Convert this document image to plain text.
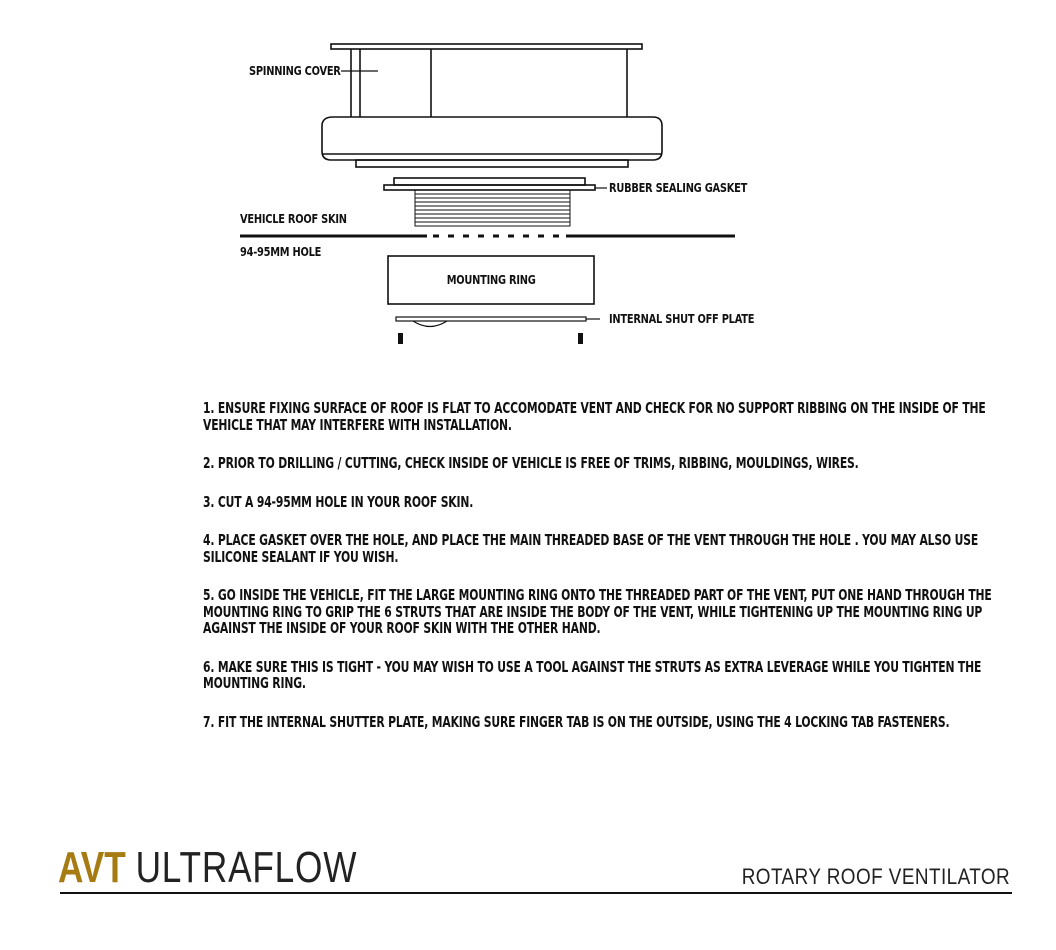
SPINNING COVER
RUBBER SEALING GASKET
VEHICLE ROOF SKIN
94-95MM HOLE
MOUNTING RING
INTERNAL SHUT OFF PLATE

1. ENSURE FIXING SURFACE OF ROOF IS FLAT TO ACCOMODATE VENT AND CHECK FOR NO SUPPORT RIBBING ON THE INSIDE OF THE VEHICLE THAT MAY INTERFERE WITH INSTALLATION.

2. PRIOR TO DRILLING / CUTTING, CHECK INSIDE OF VEHICLE IS FREE OF TRIMS, RIBBING, MOULDINGS, WIRES.

3. CUT A 94-95MM HOLE IN YOUR ROOF SKIN.

4. PLACE GASKET OVER THE HOLE, AND PLACE THE MAIN THREADED BASE OF THE VENT THROUGH THE HOLE . YOU MAY ALSO USE SILICONE SEALANT IF YOU WISH.

5. GO INSIDE THE VEHICLE, FIT THE LARGE MOUNTING RING ONTO THE THREADED PART OF THE VENT, PUT ONE HAND THROUGH THE MOUNTING RING TO GRIP THE 6 STRUTS THAT ARE INSIDE THE BODY OF THE VENT, WHILE TIGHTENING UP THE MOUNTING RING UP AGAINST THE INSIDE OF YOUR ROOF SKIN WITH THE OTHER HAND.

6. MAKE SURE THIS IS TIGHT - YOU MAY WISH TO USE A TOOL AGAINST THE STRUTS AS EXTRA LEVERAGE WHILE YOU TIGHTEN THE MOUNTING RING.

7. FIT THE INTERNAL SHUTTER PLATE, MAKING SURE FINGER TAB IS ON THE OUTSIDE, USING THE 4 LOCKING TAB FASTENERS.

AVT ULTRAFLOW	ROTARY ROOF VENTILATOR
